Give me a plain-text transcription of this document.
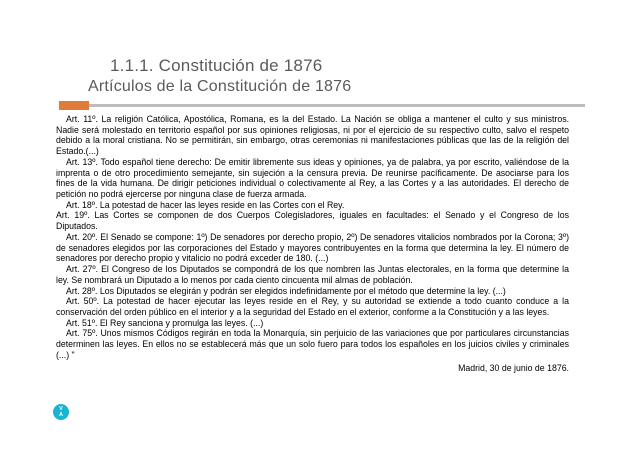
1.1.1. Constitución de 1876
Artículos de la Constitución de 1876

Art. 11º. La religión Católica, Apostólica, Romana, es la del Estado. La Nación se obliga a mantener el culto y sus ministros. Nadie será molestado en territorio español por sus opiniones religiosas, ni por el ejercicio de su respectivo culto, salvo el respeto debido a la moral cristiana. No se permitirán, sin embargo, otras ceremonias ni manifestaciones públicas que las de la religión del Estado.(...)

Art. 13º. Todo español tiene derecho: De emitir libremente sus ideas y opiniones, ya de palabra, ya por escrito, valiéndose de la imprenta o de otro procedimiento semejante, sin sujeción a la censura previa. De reunirse pacíficamente. De asociarse para los fines de la vida humana. De dirigir peticiones individual o colectivamente al Rey, a las Cortes y a las autoridades. El derecho de petición no podrá ejercerse por ninguna clase de fuerza armada.

Art. 18º. La potestad de hacer las leyes reside en las Cortes con el Rey.

Art. 19º. Las Cortes se componen de dos Cuerpos Colegisladores, iguales en facultades: el Senado y el Congreso de los Diputados.

Art. 20º. El Senado se compone: 1º) De senadores por derecho propio, 2º) De senadores vitalicios nombrados por la Corona; 3º) de senadores elegidos por las corporaciones del Estado y mayores contribuyentes en la forma que determina la ley. El número de senadores por derecho propio y vitalicio no podrá exceder de 180. (...)

Art. 27º. El Congreso de los Diputados se compondrá de los que nombren las Juntas electorales, en la forma que determine la ley. Se nombrará un Diputado a lo menos por cada ciento cincuenta mil almas de población.

Art. 28º. Los Diputados se elegirán y podrán ser elegidos indefinidamente por el método que determine la ley. (...)

Art. 50º. La potestad de hacer ejecutar las leyes reside en el Rey, y su autoridad se extiende a todo cuanto conduce a la conservación del orden público en el interior y a la seguridad del Estado en el exterior, conforme a la Constitución y a las leyes.

Art. 51º. El Rey sanciona y promulga las leyes. (...)

Art. 75º. Unos mismos Códigos regirán en toda la Monarquía, sin perjuicio de las variaciones que por particulares circunstancias determinen las leyes. En ellos no se establecerá más que un solo fuero para todos los españoles en los juicios civiles y criminales (...) "

Madrid, 30 de junio de 1876.

V
A
